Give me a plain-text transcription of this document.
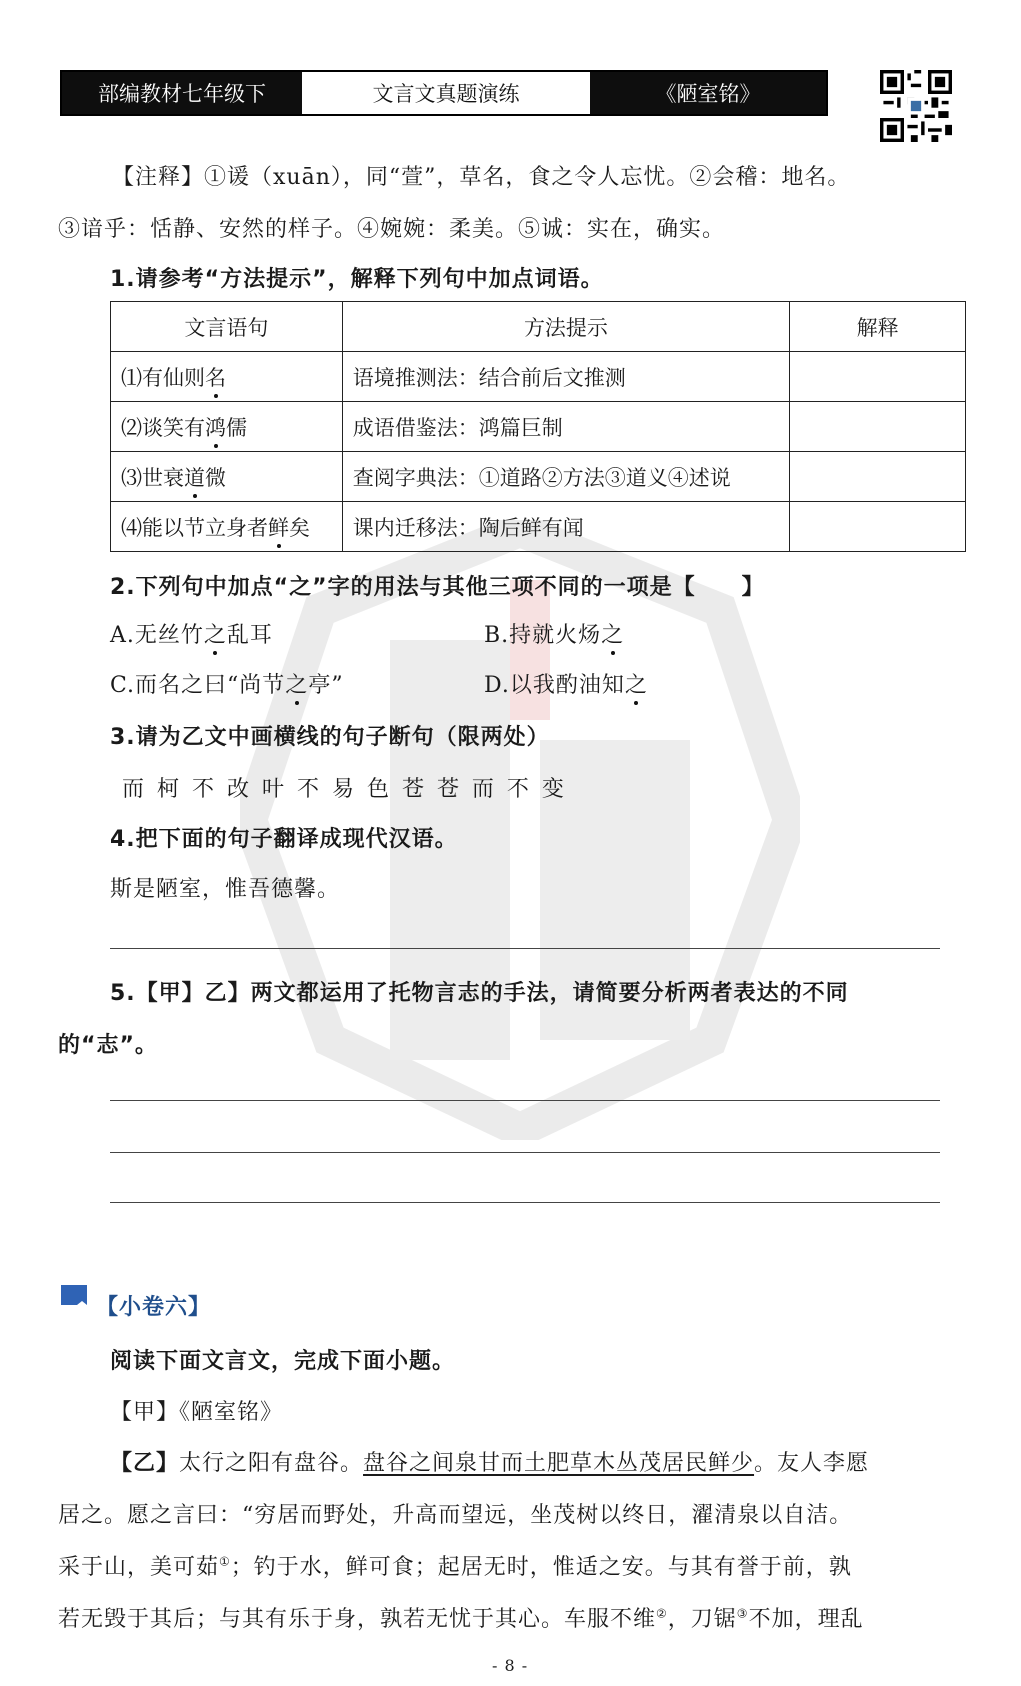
部编教材七年级下	文言文真题演练	《陋室铭》
【注释】①谖（xuān），同“萱”，草名，食之令人忘忧。②会稽：地名。
③谙乎：恬静、安然的样子。④婉婉：柔美。⑤诚：实在，确实。
1.请参考“方法提示”，解释下列句中加点词语。
文言语句	方法提示	解释
⑴有仙则名	语境推测法：结合前后文推测	
⑵谈笑有鸿儒	成语借鉴法：鸿篇巨制	
⑶世衰道微	查阅字典法：①道路②方法③道义④述说	
⑷能以节立身者鲜矣	课内迁移法：陶后鲜有闻	
2.下列句中加点“之”字的用法与其他三项不同的一项是【　　】
A.无丝竹之乱耳	B.持就火炀之
C.而名之曰“尚节之亭”	D.以我酌油知之
3.请为乙文中画横线的句子断句（限两处）
而 柯 不 改 叶 不 易 色 苍 苍 而 不 变
4.把下面的句子翻译成现代汉语。
斯是陋室，惟吾德馨。
5.【甲】乙】两文都运用了托物言志的手法，请简要分析两者表达的不同
的“志”。
【小卷六】
阅读下面文言文，完成下面小题。
【甲】《陋室铭》
【乙】太行之阳有盘谷。盘谷之间泉甘而土肥草木丛茂居民鲜少。友人李愿
居之。愿之言曰：“穷居而野处，升高而望远，坐茂树以终日，濯清泉以自洁。
采于山，美可茹①；钓于水，鲜可食；起居无时，惟适之安。与其有誉于前，孰
若无毁于其后；与其有乐于身，孰若无忧于其心。车服不维②，刀锯③不加，理乱
- 8 -
